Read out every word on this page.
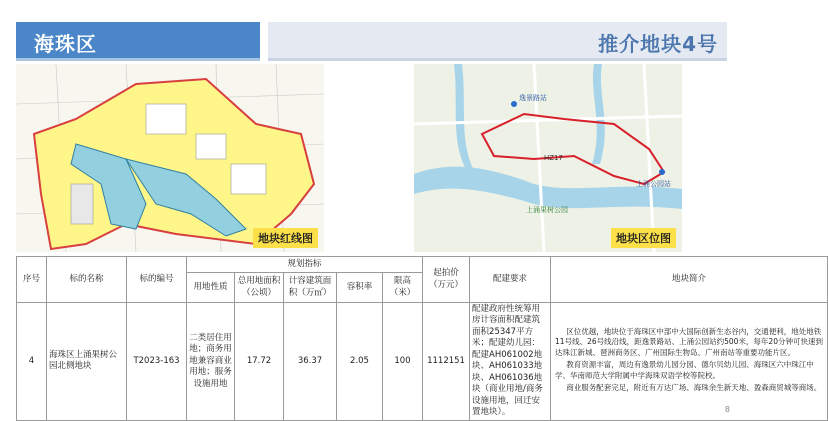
海珠区	推介地块4号
地块红线图
逸景路站
上涌公园站
HZ17
上涌果树公园
地块区位图
序号	标的名称	标的编号	规划指标					起拍价（万元）	配建要求	地块简介
			用地性质	总用地面积（公顷）	计容建筑面积（万㎡）	容积率	限高（米）			
4	海珠区上涌果树公园北侧地块	T2023-163	二类居住用地；商务用地兼容商业用地；服务设施用地	17.72	36.37	2.05	100	1112151	配建政府性统筹用房计容面积配建筑面积25347平方米；配建幼儿园：配建AH061002地块、AH061033地块、AH061036地块（商业用地/商务设施用地，回迁安置地块）。	区位优越，地块位于海珠区中部中大国际创新生态谷内，交通便利，地处地铁11号线、26号线沿线，距逸景路站、上涌公园站约500米，每年20分钟可快速到达珠江新城、琶洲商务区、广州国际生物岛、广州南站等重要功能片区。

教育资源丰富，周边有逸景幼儿园分园、德尔贝幼儿园、海珠区六中珠江中学、华南师范大学附属中学海珠双语学校等院校。

商业服务配套完足，附近有万达广场、海珠余生新天地、盈森商贸城等商场。

8
